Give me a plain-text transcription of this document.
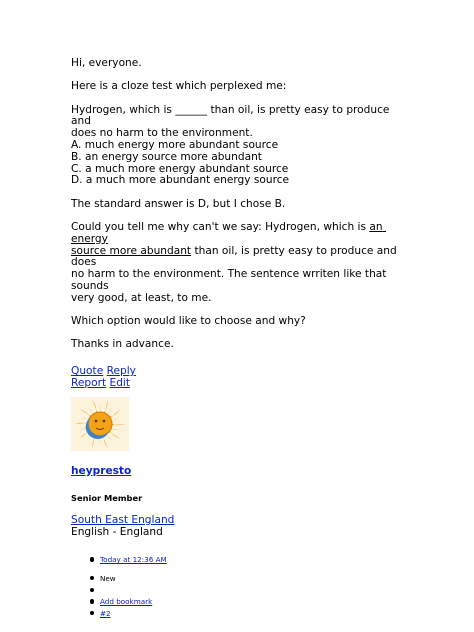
Hi, everyone.

Here is a cloze test which perplexed me:

Hydrogen, which is ______ than oil, is pretty easy to produce and
does no harm to the environment.

A. much energy more abundant source

B. an energy source more abundant

C. a much more energy abundant source

D. a much more abundant energy source

The standard answer is D, but I chose B.

Could you tell me why can't we say: Hydrogen, which is an energy
source more abundant than oil, is pretty easy to produce and does
no harm to the environment. The sentence wrriten like that sounds
very good, at least, to me.

Which option would like to choose and why?

Thanks in advance.

Quote Reply
Report Edit
heypresto
Senior Member
South East England
English - England
Today at 12:36 AM
New
Add bookmark
#2
